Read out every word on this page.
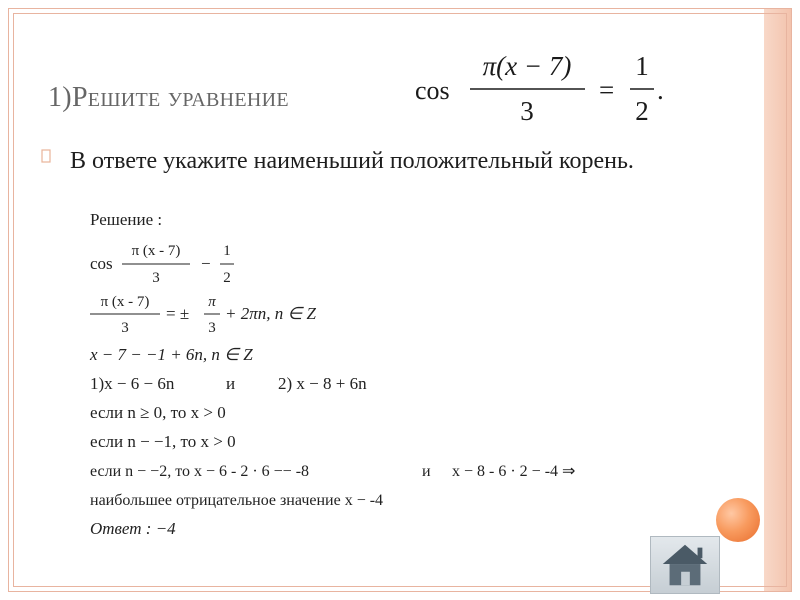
1)Решите уравнение	cos
π(x − 7)
3
=
1
2
.
В ответе укажите наименьший положительный корень.
Решение :
cos
π (x - 7)
3
−
1
2
π (x - 7)
3
= ±
π
3
+ 2πn, n ∈ Z
x − 7 − −1 + 6n, n ∈ Z
1)x − 6 − 6n	и	2) x − 8 + 6n
если n ≥ 0, то x > 0
если n − −1, то x > 0
если n − −2, то x − 6 - 2 · 6 −− -8	и x − 8 - 6 · 2 − -4 ⇒
наибольшее отрицательное значение x − -4
Ответ : −4
